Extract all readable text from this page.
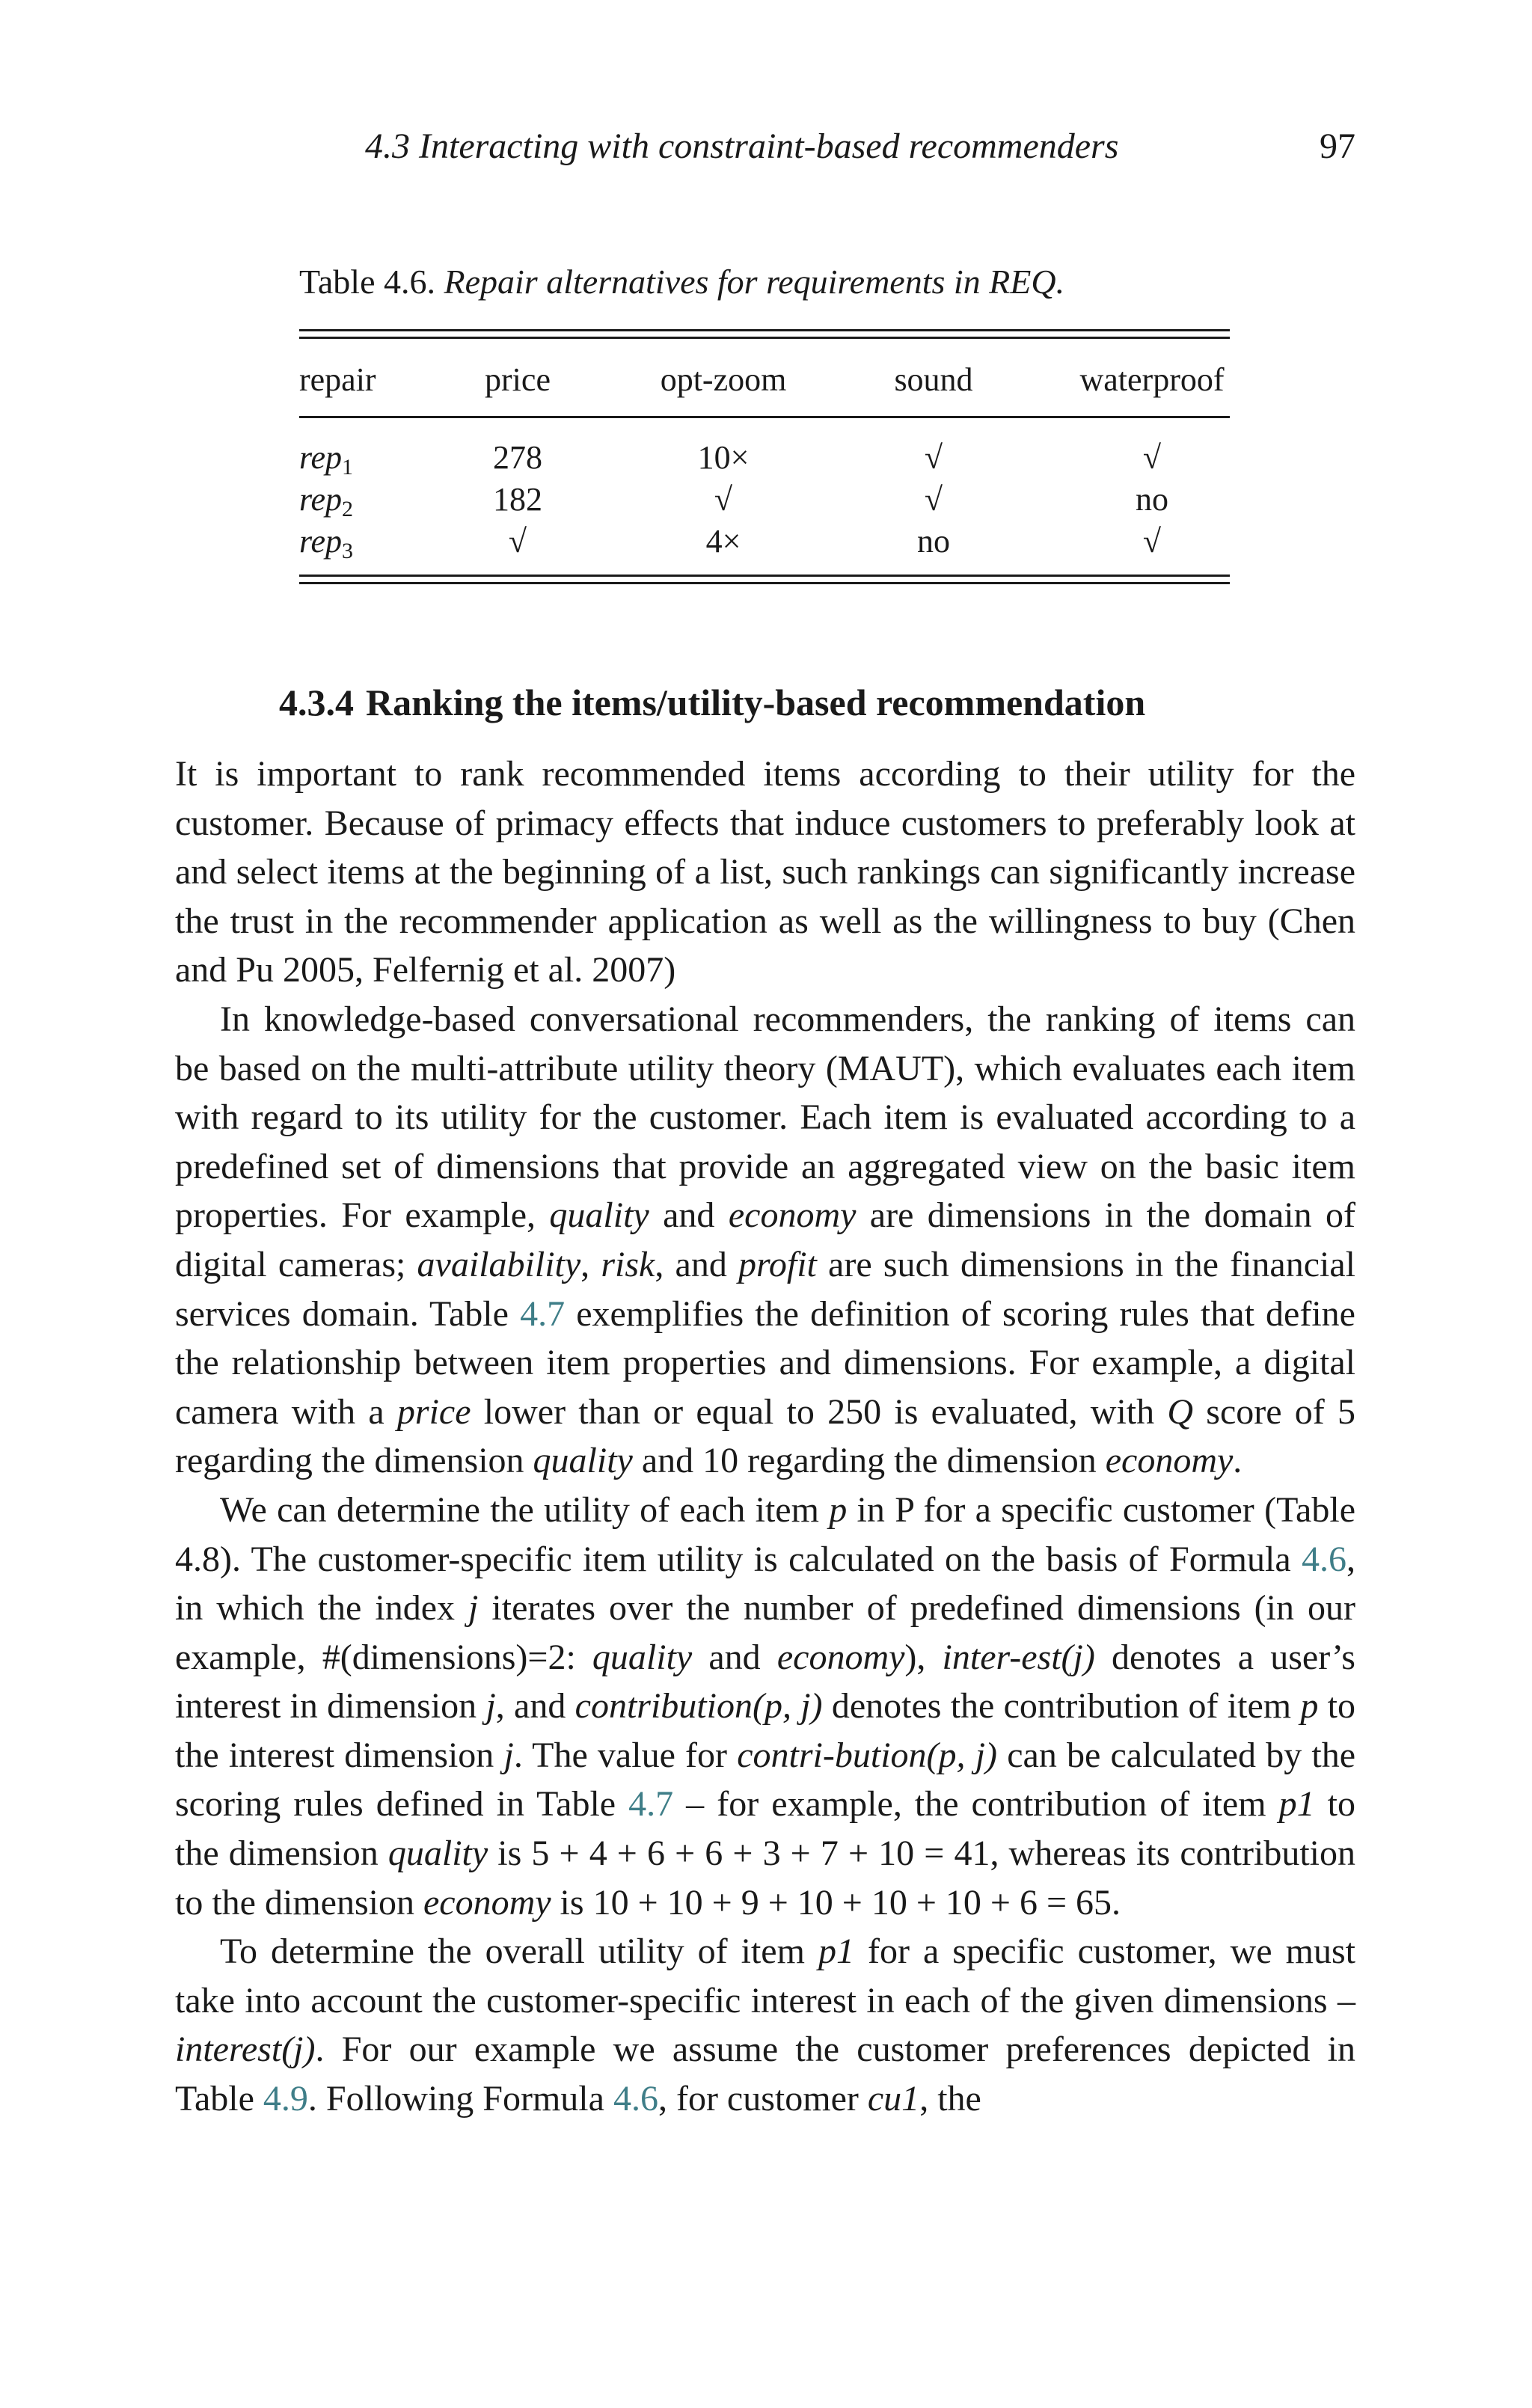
4.3 Interacting with constraint-based recommenders	97
Table 4.6. Repair alternatives for requirements in REQ.
repair	price	opt-zoom	sound	waterproof
rep$_1$	278	10×	√	√
rep$_2$	182	√	√	no
rep$_3$	√	4×	no	√
4.3.4 Ranking the items/utility-based recommendation

It is important to rank recommended items according to their utility for the customer. Because of primacy effects that induce customers to preferably look at and select items at the beginning of a list, such rankings can significantly increase the trust in the recommender application as well as the willingness to buy (Chen and Pu 2005, Felfernig et al. 2007)

In knowledge-based conversational recommenders, the ranking of items can be based on the multi-attribute utility theory (MAUT), which evaluates each item with regard to its utility for the customer. Each item is evaluated according to a predefined set of dimensions that provide an aggregated view on the basic item properties. For example, quality and economy are dimensions in the domain of digital cameras; availability, risk, and profit are such dimensions in the financial services domain. Table 4.7 exemplifies the definition of scoring rules that define the relationship between item properties and dimensions. For example, a digital camera with a price lower than or equal to 250 is evaluated, with Q score of 5 regarding the dimension quality and 10 regarding the dimension economy.

We can determine the utility of each item p in P for a specific customer (Table 4.8). The customer-specific item utility is calculated on the basis of Formula 4.6, in which the index j iterates over the number of predefined dimensions (in our example, #(dimensions)=2: quality and economy), inter-est(j) denotes a user’s interest in dimension j, and contribution(p, j) denotes the contribution of item p to the interest dimension j. The value for contri-bution(p, j) can be calculated by the scoring rules defined in Table 4.7 – for example, the contribution of item p1 to the dimension quality is 5 + 4 + 6 + 6 + 3 + 7 + 10 = 41, whereas its contribution to the dimension economy is 10 + 10 + 9 + 10 + 10 + 10 + 6 = 65.

To determine the overall utility of item p1 for a specific customer, we must take into account the customer-specific interest in each of the given dimensions – interest(j). For our example we assume the customer preferences depicted in Table 4.9. Following Formula 4.6, for customer cu1, the
